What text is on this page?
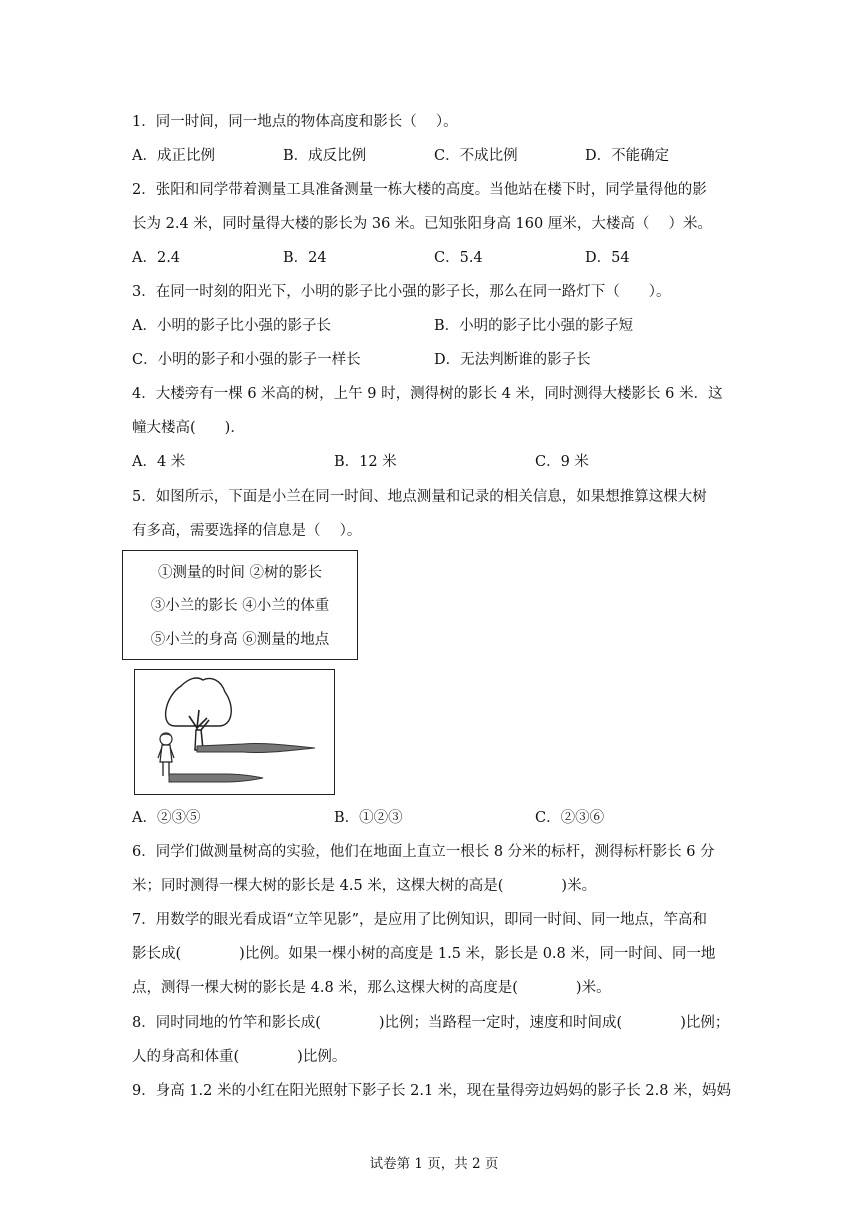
1．同一时间，同一地点的物体高度和影长（　 ）。
A．成正比例	B．成反比例	C．不成比例	D．不能确定
2．张阳和同学带着测量工具准备测量一栋大楼的高度。当他站在楼下时，同学量得他的影
长为 2.4 米，同时量得大楼的影长为 36 米。已知张阳身高 160 厘米，大楼高（　 ）米。
A．2.4	B．24	C．5.4	D．54
3．在同一时刻的阳光下，小明的影子比小强的影子长，那么在同一路灯下（　　）。
A．小明的影子比小强的影子长	B．小明的影子比小强的影子短
C．小明的影子和小强的影子一样长	D．无法判断谁的影子长
4．大楼旁有一棵 6 米高的树，上午 9 时，测得树的影长 4 米，同时测得大楼影长 6 米．这
幢大楼高(　　)．
A．4 米	B．12 米	C．9 米
5．如图所示，下面是小兰在同一时间、地点测量和记录的相关信息，如果想推算这棵大树
有多高，需要选择的信息是（　 ）。
①测量的时间 ②树的影长
③小兰的影长 ④小兰的体重
⑤小兰的身高 ⑥测量的地点
A．②③⑤	B．①②③	C．②③⑥
6．同学们做测量树高的实验，他们在地面上直立一根长 8 分米的标杆，测得标杆影长 6 分
米；同时测得一棵大树的影长是 4.5 米，这棵大树的高是(　　　　)米。
7．用数学的眼光看成语“立竿见影”，是应用了比例知识，即同一时间、同一地点，竿高和
影长成(　　　　)比例。如果一棵小树的高度是 1.5 米，影长是 0.8 米，同一时间、同一地
点，测得一棵大树的影长是 4.8 米，那么这棵大树的高度是(　　　　)米。
8．同时同地的竹竿和影长成(　　　　)比例；当路程一定时，速度和时间成(　　　　)比例；
人的身高和体重(　　　　)比例。
9．身高 1.2 米的小红在阳光照射下影子长 2.1 米，现在量得旁边妈妈的影子长 2.8 米，妈妈
试卷第 1 页，共 2 页
